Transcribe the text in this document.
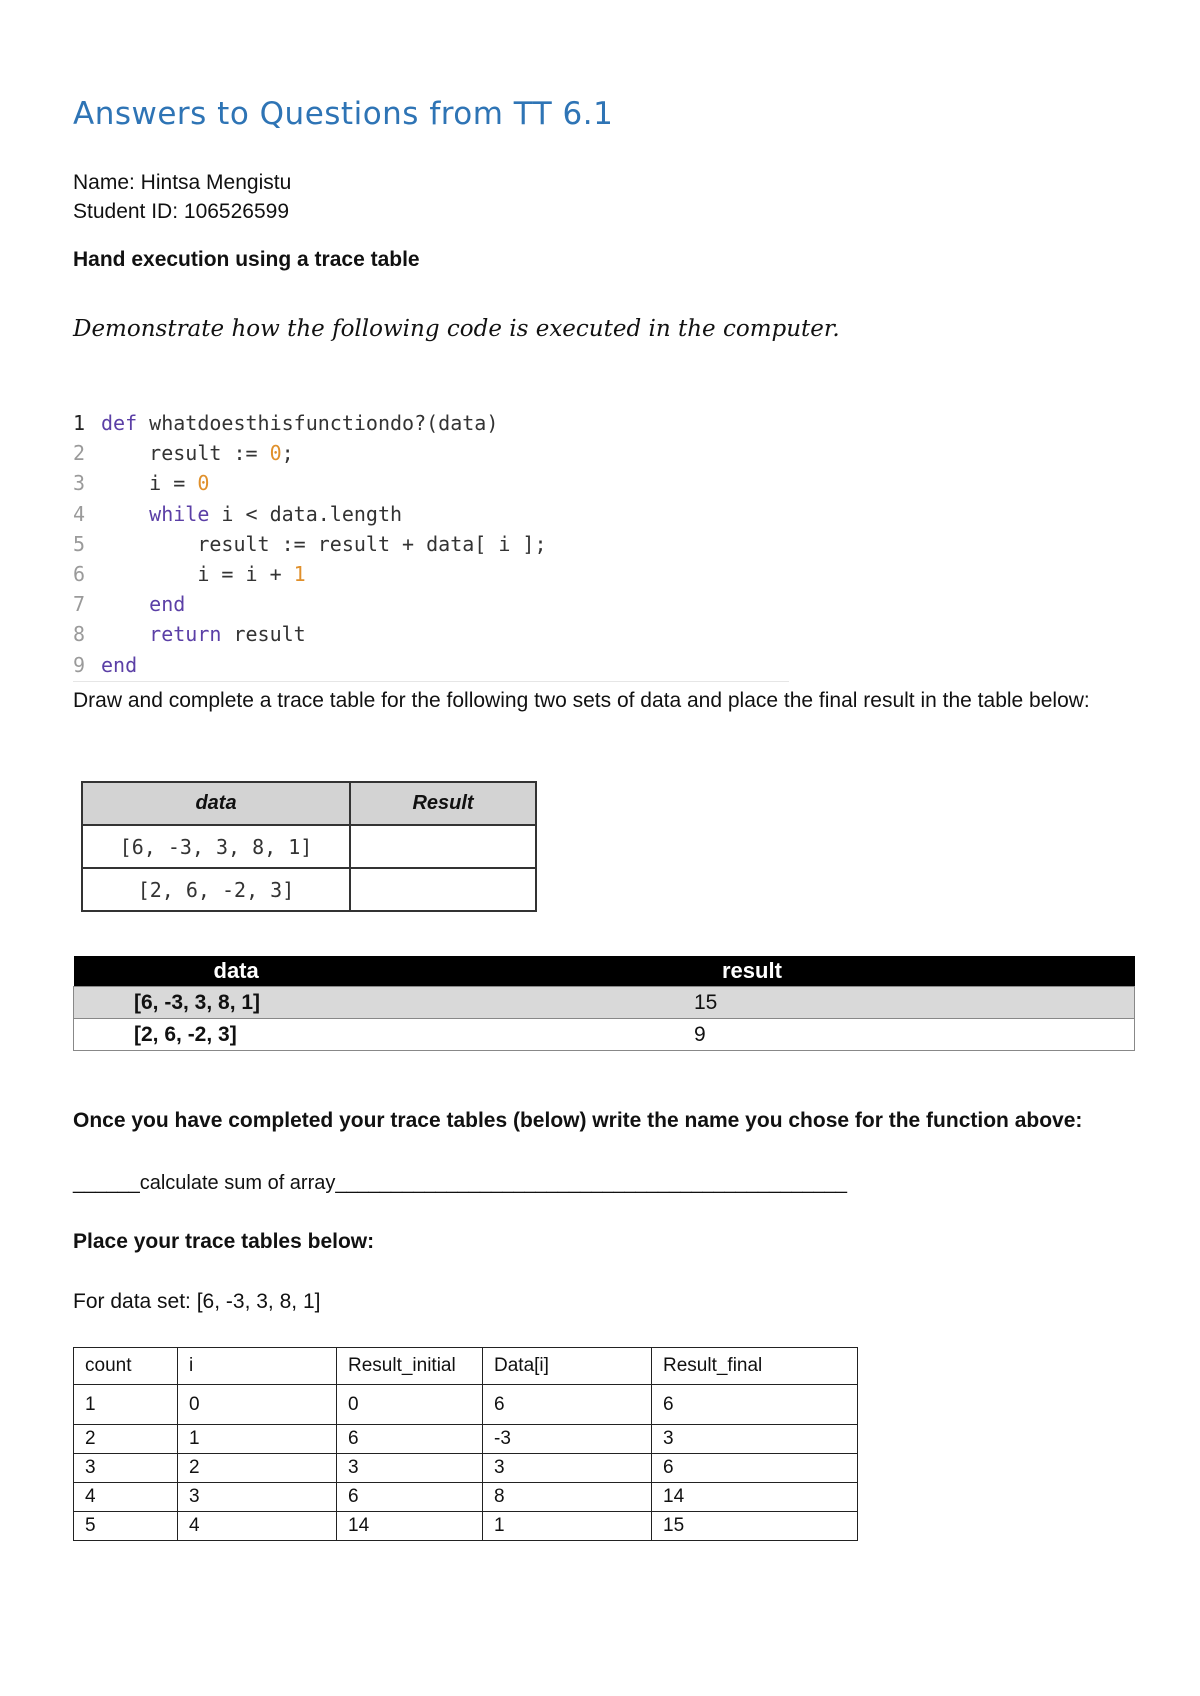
Answers to Questions from TT 6.1
Name: Hintsa Mengistu
Student ID: 106526599
Hand execution using a trace table
Demonstrate how the following code is executed in the computer.
1 def whatdoesthisfunctiondo?(data)
2	result := 0;
3	i = 0
4	while i < data.length
5	result := result + data[ i ];
6	i = i + 1
7	end
8	return result
9 end
Draw and complete a trace table for the following two sets of data and place the final result in the table below:
data	Result
[6, -3, 3, 8, 1]	
[2, 6, -2, 3]	
data	result
[6, -3, 3, 8, 1]	15
[2, 6, -2, 3]	9
Once you have completed your trace tables (below) write the name you chose for the function above:
______calculate sum of array______________________________________________
Place your trace tables below:
For data set: [6, -3, 3, 8, 1]
count	i	Result_initial	Data[i]	Result_final
1	0	0	6	6
2	1	6	-3	3
3	2	3	3	6
4	3	6	8	14
5	4	14	1	15
